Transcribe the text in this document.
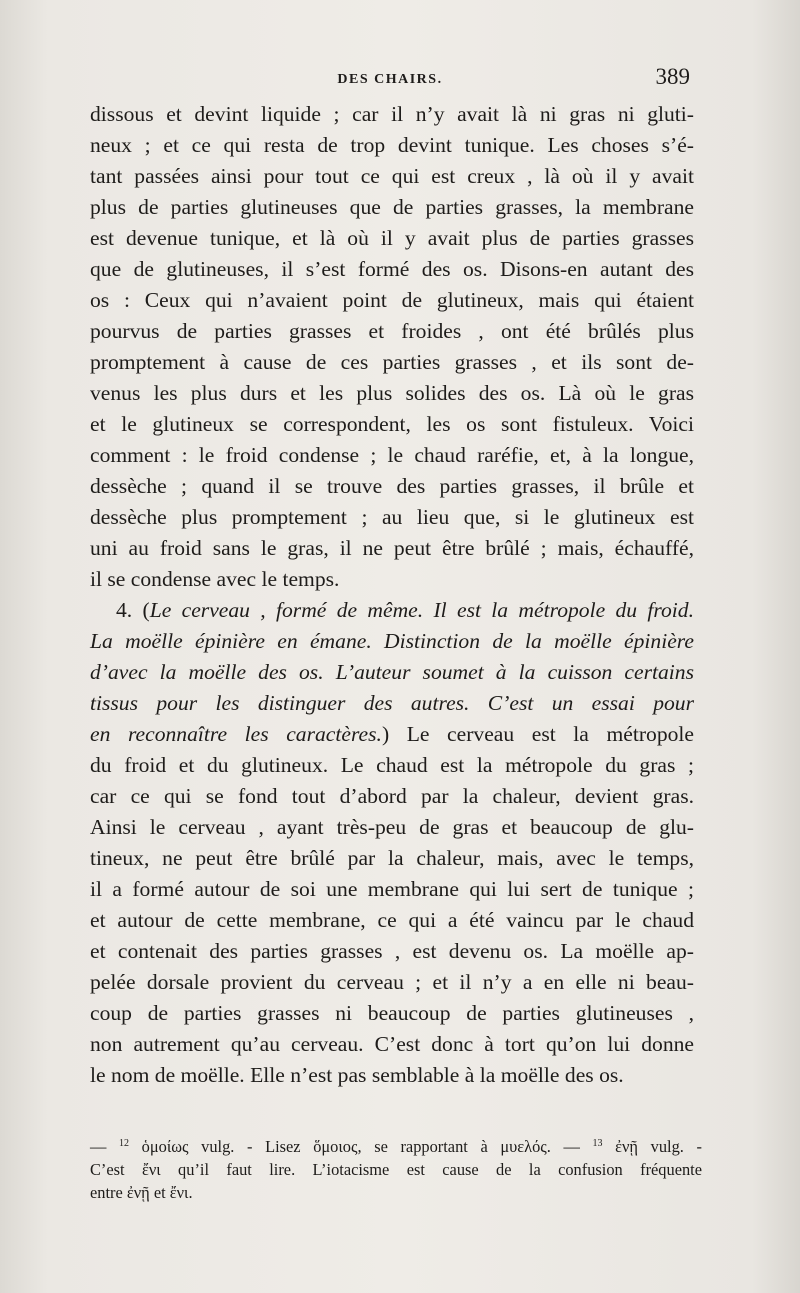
DES CHAIRS.	389
dissous et devint liquide ; car il n’y avait là ni gras ni gluti-
neux ; et ce qui resta de trop devint tunique. Les choses s’é-
tant passées ainsi pour tout ce qui est creux , là où il y avait
plus de parties glutineuses que de parties grasses, la membrane
est devenue tunique, et là où il y avait plus de parties grasses
que de glutineuses, il s’est formé des os. Disons-en autant des
os : Ceux qui n’avaient point de glutineux, mais qui étaient
pourvus de parties grasses et froides , ont été brûlés plus
promptement à cause de ces parties grasses , et ils sont de-
venus les plus durs et les plus solides des os. Là où le gras
et le glutineux se correspondent, les os sont fistuleux. Voici
comment : le froid condense ; le chaud raréfie, et, à la longue,
dessèche ; quand il se trouve des parties grasses, il brûle et
dessèche plus promptement ; au lieu que, si le glutineux est
uni au froid sans le gras, il ne peut être brûlé ; mais, échauffé,
il se condense avec le temps.
4. (Le cerveau , formé de même. Il est la métropole du froid.
La moëlle épinière en émane. Distinction de la moëlle épinière
d’avec la moëlle des os. L’auteur soumet à la cuisson certains
tissus pour les distinguer des autres. C’est un essai pour
en reconnaître les caractères.) Le cerveau est la métropole
du froid et du glutineux. Le chaud est la métropole du gras ;
car ce qui se fond tout d’abord par la chaleur, devient gras.
Ainsi le cerveau , ayant très-peu de gras et beaucoup de glu-
tineux, ne peut être brûlé par la chaleur, mais, avec le temps,
il a formé autour de soi une membrane qui lui sert de tunique ;
et autour de cette membrane, ce qui a été vaincu par le chaud
et contenait des parties grasses , est devenu os. La moëlle ap-
pelée dorsale provient du cerveau ; et il n’y a en elle ni beau-
coup de parties grasses ni beaucoup de parties glutineuses ,
non autrement qu’au cerveau. C’est donc à tort qu’on lui donne
le nom de moëlle. Elle n’est pas semblable à la moëlle des os.
— $^{12}$ ὁμοίως vulg. - Lisez ὅμοιος, se rapportant à μυελός. — $^{13}$ ἐνῇ vulg. -
C’est ἔνι qu’il faut lire. L’iotacisme est cause de la confusion fréquente
entre ἐνῇ et ἔνι.
